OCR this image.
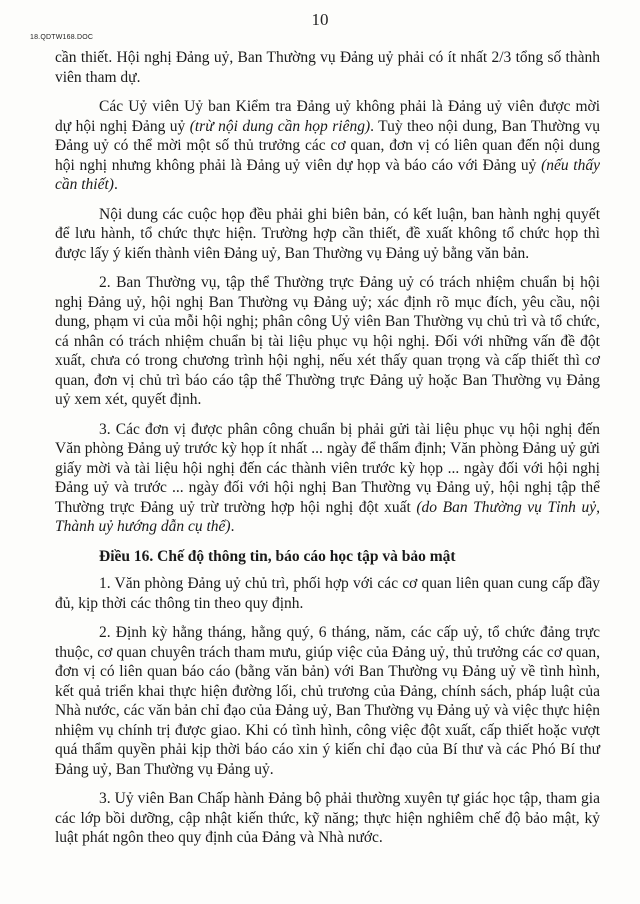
10
18.QDTW168.DOC

cần thiết. Hội nghị Đảng uỷ, Ban Thường vụ Đảng uỷ phải có ít nhất 2/3 tổng số thành viên tham dự.

Các Uỷ viên Uỷ ban Kiểm tra Đảng uỷ không phải là Đảng uỷ viên được mời dự hội nghị Đảng uỷ (trừ nội dung cần họp riêng). Tuỳ theo nội dung, Ban Thường vụ Đảng uỷ có thể mời một số thủ trưởng các cơ quan, đơn vị có liên quan đến nội dung hội nghị nhưng không phải là Đảng uỷ viên dự họp và báo cáo với Đảng uỷ (nếu thấy cần thiết).

Nội dung các cuộc họp đều phải ghi biên bản, có kết luận, ban hành nghị quyết để lưu hành, tổ chức thực hiện. Trường hợp cần thiết, đề xuất không tổ chức họp thì được lấy ý kiến thành viên Đảng uỷ, Ban Thường vụ Đảng uỷ bằng văn bản.

2. Ban Thường vụ, tập thể Thường trực Đảng uỷ có trách nhiệm chuẩn bị hội nghị Đảng uỷ, hội nghị Ban Thường vụ Đảng uỷ; xác định rõ mục đích, yêu cầu, nội dung, phạm vi của mỗi hội nghị; phân công Uỷ viên Ban Thường vụ chủ trì và tổ chức, cá nhân có trách nhiệm chuẩn bị tài liệu phục vụ hội nghị. Đối với những vấn đề đột xuất, chưa có trong chương trình hội nghị, nếu xét thấy quan trọng và cấp thiết thì cơ quan, đơn vị chủ trì báo cáo tập thể Thường trực Đảng uỷ hoặc Ban Thường vụ Đảng uỷ xem xét, quyết định.

3. Các đơn vị được phân công chuẩn bị phải gửi tài liệu phục vụ hội nghị đến Văn phòng Đảng uỷ trước kỳ họp ít nhất ... ngày để thẩm định; Văn phòng Đảng uỷ gửi giấy mời và tài liệu hội nghị đến các thành viên trước kỳ họp ... ngày đối với hội nghị Đảng uỷ và trước ... ngày đối với hội nghị Ban Thường vụ Đảng uỷ, hội nghị tập thể Thường trực Đảng uỷ trừ trường hợp hội nghị đột xuất (do Ban Thường vụ Tỉnh uỷ, Thành uỷ hướng dẫn cụ thể).

Điều 16. Chế độ thông tin, báo cáo học tập và bảo mật

1. Văn phòng Đảng uỷ chủ trì, phối hợp với các cơ quan liên quan cung cấp đầy đủ, kịp thời các thông tin theo quy định.

2. Định kỳ hằng tháng, hằng quý, 6 tháng, năm, các cấp uỷ, tổ chức đảng trực thuộc, cơ quan chuyên trách tham mưu, giúp việc của Đảng uỷ, thủ trưởng các cơ quan, đơn vị có liên quan báo cáo (bằng văn bản) với Ban Thường vụ Đảng uỷ về tình hình, kết quả triển khai thực hiện đường lối, chủ trương của Đảng, chính sách, pháp luật của Nhà nước, các văn bản chỉ đạo của Đảng uỷ, Ban Thường vụ Đảng uỷ và việc thực hiện nhiệm vụ chính trị được giao. Khi có tình hình, công việc đột xuất, cấp thiết hoặc vượt quá thẩm quyền phải kịp thời báo cáo xin ý kiến chỉ đạo của Bí thư và các Phó Bí thư Đảng uỷ, Ban Thường vụ Đảng uỷ.

3. Uỷ viên Ban Chấp hành Đảng bộ phải thường xuyên tự giác học tập, tham gia các lớp bồi dưỡng, cập nhật kiến thức, kỹ năng; thực hiện nghiêm chế độ bảo mật, kỷ luật phát ngôn theo quy định của Đảng và Nhà nước.
